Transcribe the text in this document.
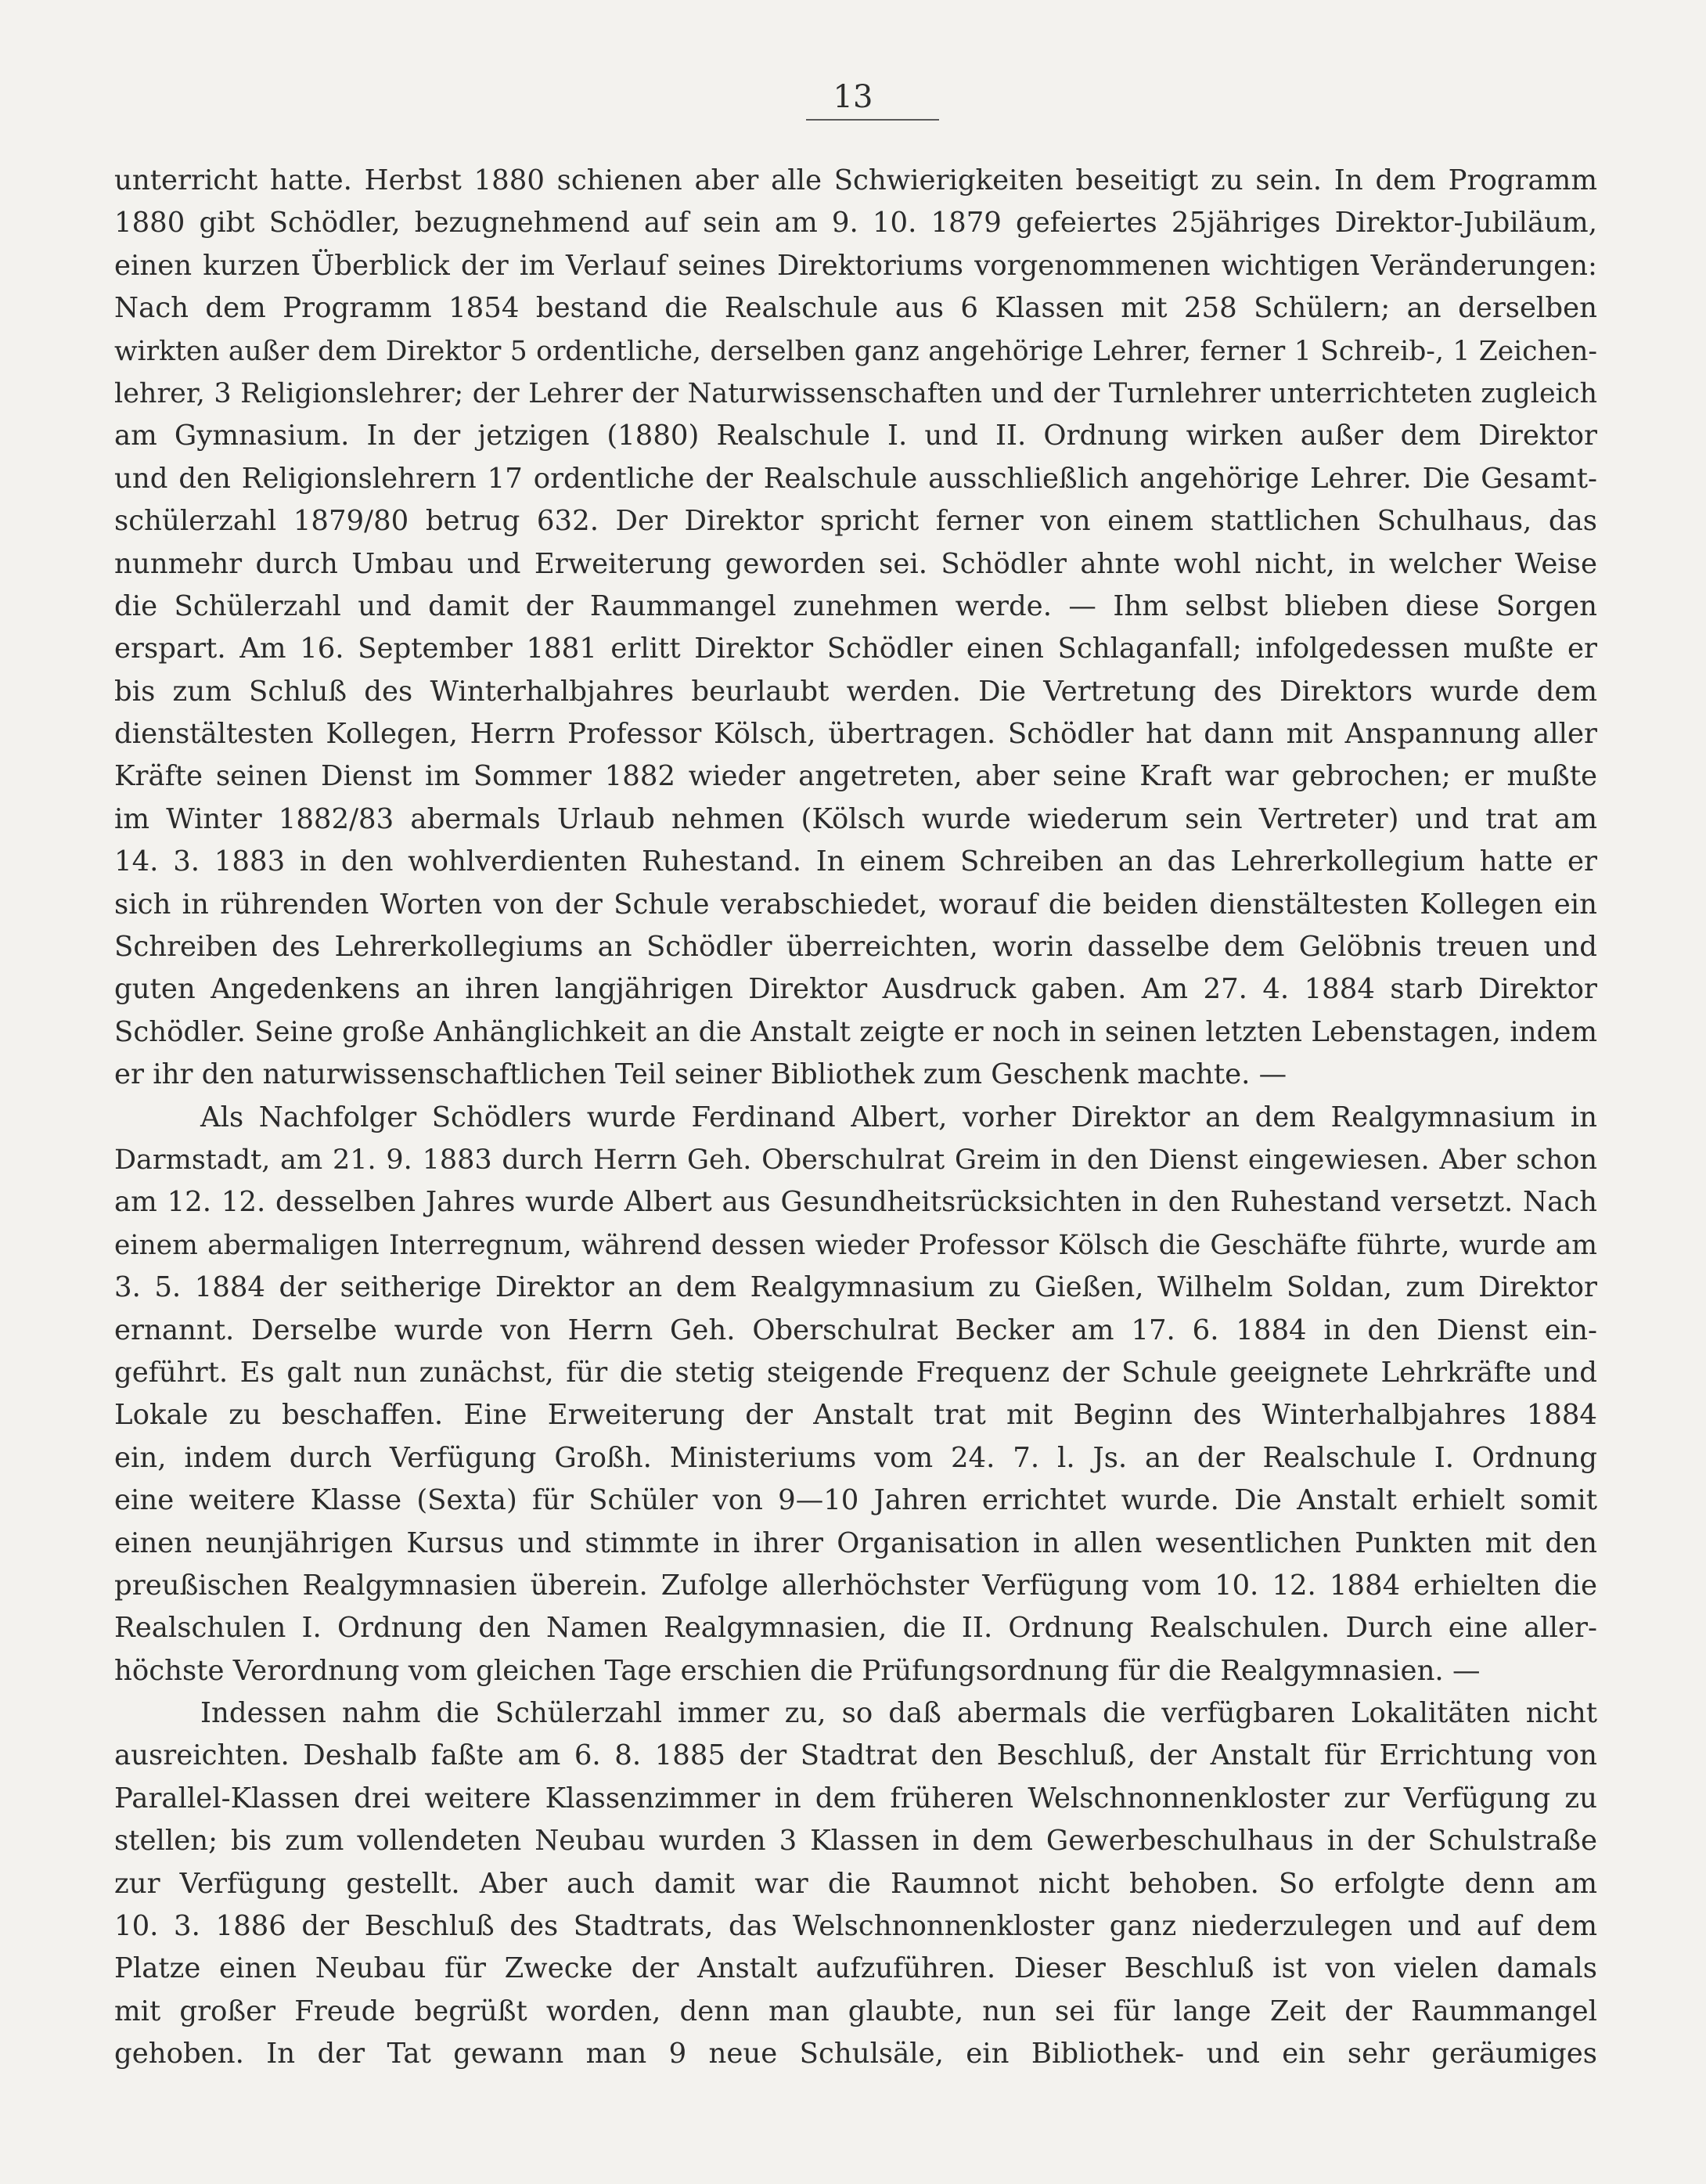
13
unterricht hatte. Herbst 1880 schienen aber alle Schwierigkeiten beseitigt zu sein. In dem Programm
1880 gibt Schödler, bezugnehmend auf sein am 9. 10. 1879 gefeiertes 25jähriges Direktor-Jubiläum,
einen kurzen Überblick der im Verlauf seines Direktoriums vorgenommenen wichtigen Veränderungen:
Nach dem Programm 1854 bestand die Realschule aus 6 Klassen mit 258 Schülern; an derselben
wirkten außer dem Direktor 5 ordentliche, derselben ganz angehörige Lehrer, ferner 1 Schreib-, 1 Zeichen-
lehrer, 3 Religionslehrer; der Lehrer der Naturwissenschaften und der Turnlehrer unterrichteten zugleich
am Gymnasium. In der jetzigen (1880) Realschule I. und II. Ordnung wirken außer dem Direktor
und den Religionslehrern 17 ordentliche der Realschule ausschließlich angehörige Lehrer. Die Gesamt-
schülerzahl 1879/80 betrug 632. Der Direktor spricht ferner von einem stattlichen Schulhaus, das
nunmehr durch Umbau und Erweiterung geworden sei. Schödler ahnte wohl nicht, in welcher Weise
die Schülerzahl und damit der Raummangel zunehmen werde. — Ihm selbst blieben diese Sorgen
erspart. Am 16. September 1881 erlitt Direktor Schödler einen Schlaganfall; infolgedessen mußte er
bis zum Schluß des Winterhalbjahres beurlaubt werden. Die Vertretung des Direktors wurde dem
dienstältesten Kollegen, Herrn Professor Kölsch, übertragen. Schödler hat dann mit Anspannung aller
Kräfte seinen Dienst im Sommer 1882 wieder angetreten, aber seine Kraft war gebrochen; er mußte
im Winter 1882/83 abermals Urlaub nehmen (Kölsch wurde wiederum sein Vertreter) und trat am
14. 3. 1883 in den wohlverdienten Ruhestand. In einem Schreiben an das Lehrerkollegium hatte er
sich in rührenden Worten von der Schule verabschiedet, worauf die beiden dienstältesten Kollegen ein
Schreiben des Lehrerkollegiums an Schödler überreichten, worin dasselbe dem Gelöbnis treuen und
guten Angedenkens an ihren langjährigen Direktor Ausdruck gaben. Am 27. 4. 1884 starb Direktor
Schödler. Seine große Anhänglichkeit an die Anstalt zeigte er noch in seinen letzten Lebenstagen, indem
er ihr den naturwissenschaftlichen Teil seiner Bibliothek zum Geschenk machte. —
Als Nachfolger Schödlers wurde Ferdinand Albert, vorher Direktor an dem Realgymnasium in
Darmstadt, am 21. 9. 1883 durch Herrn Geh. Oberschulrat Greim in den Dienst eingewiesen. Aber schon
am 12. 12. desselben Jahres wurde Albert aus Gesundheitsrücksichten in den Ruhestand versetzt. Nach
einem abermaligen Interregnum, während dessen wieder Professor Kölsch die Geschäfte führte, wurde am
3. 5. 1884 der seitherige Direktor an dem Realgymnasium zu Gießen, Wilhelm Soldan, zum Direktor
ernannt. Derselbe wurde von Herrn Geh. Oberschulrat Becker am 17. 6. 1884 in den Dienst ein-
geführt. Es galt nun zunächst, für die stetig steigende Frequenz der Schule geeignete Lehrkräfte und
Lokale zu beschaffen. Eine Erweiterung der Anstalt trat mit Beginn des Winterhalbjahres 1884
ein, indem durch Verfügung Großh. Ministeriums vom 24. 7. l. Js. an der Realschule I. Ordnung
eine weitere Klasse (Sexta) für Schüler von 9—10 Jahren errichtet wurde. Die Anstalt erhielt somit
einen neunjährigen Kursus und stimmte in ihrer Organisation in allen wesentlichen Punkten mit den
preußischen Realgymnasien überein. Zufolge allerhöchster Verfügung vom 10. 12. 1884 erhielten die
Realschulen I. Ordnung den Namen Realgymnasien, die II. Ordnung Realschulen. Durch eine aller-
höchste Verordnung vom gleichen Tage erschien die Prüfungsordnung für die Realgymnasien. —
Indessen nahm die Schülerzahl immer zu, so daß abermals die verfügbaren Lokalitäten nicht
ausreichten. Deshalb faßte am 6. 8. 1885 der Stadtrat den Beschluß, der Anstalt für Errichtung von
Parallel-Klassen drei weitere Klassenzimmer in dem früheren Welschnonnenkloster zur Verfügung zu
stellen; bis zum vollendeten Neubau wurden 3 Klassen in dem Gewerbeschulhaus in der Schulstraße
zur Verfügung gestellt. Aber auch damit war die Raumnot nicht behoben. So erfolgte denn am
10. 3. 1886 der Beschluß des Stadtrats, das Welschnonnenkloster ganz niederzulegen und auf dem
Platze einen Neubau für Zwecke der Anstalt aufzuführen. Dieser Beschluß ist von vielen damals
mit großer Freude begrüßt worden, denn man glaubte, nun sei für lange Zeit der Raummangel
gehoben. In der Tat gewann man 9 neue Schulsäle, ein Bibliothek- und ein sehr geräumiges
